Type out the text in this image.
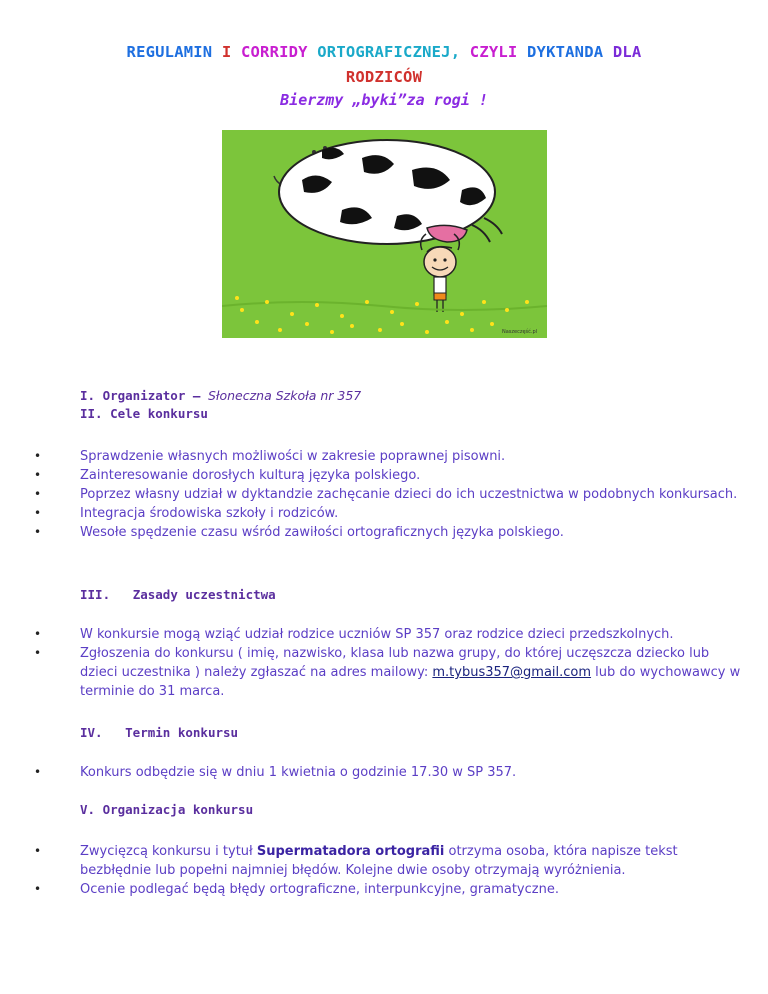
REGULAMIN I CORRIDY ORTOGRAFICZNEJ, CZYLI DYKTANDA DLA
RODZICÓW
Bierzmy „byki”za rogi !
Naszeczęść.pl
I. Organizator – Słoneczna Szkoła nr 357
II. Cele konkursu
•	Sprawdzenie własnych możliwości w zakresie poprawnej pisowni.
•	Zainteresowanie dorosłych kulturą języka polskiego.
•	Poprzez własny udział w dyktandzie zachęcanie dzieci do ich uczestnictwa w podobnych konkursach.
•	Integracja środowiska szkoły i rodziców.
•	Wesołe spędzenie czasu wśród zawiłości ortograficznych języka polskiego.
III. Zasady uczestnictwa
•	W konkursie mogą wziąć udział rodzice uczniów SP 357 oraz rodzice dzieci przedszkolnych.
•	Zgłoszenia do konkursu ( imię, nazwisko, klasa lub nazwa grupy, do której uczęszcza dziecko lub dzieci uczestnika ) należy zgłaszać na adres mailowy: m.tybus357@gmail.com lub do wychowawcy w terminie do 31 marca.
IV. Termin konkursu
•	Konkurs odbędzie się w dniu 1 kwietnia o godzinie 17.30 w SP 357.
V. Organizacja konkursu
•	Zwycięzcą konkursu i tytuł Supermatadora ortografii otrzyma osoba, która napisze tekst bezbłędnie lub popełni najmniej błędów. Kolejne dwie osoby otrzymają wyróżnienia.
•	Ocenie podlegać będą błędy ortograficzne, interpunkcyjne, gramatyczne.
